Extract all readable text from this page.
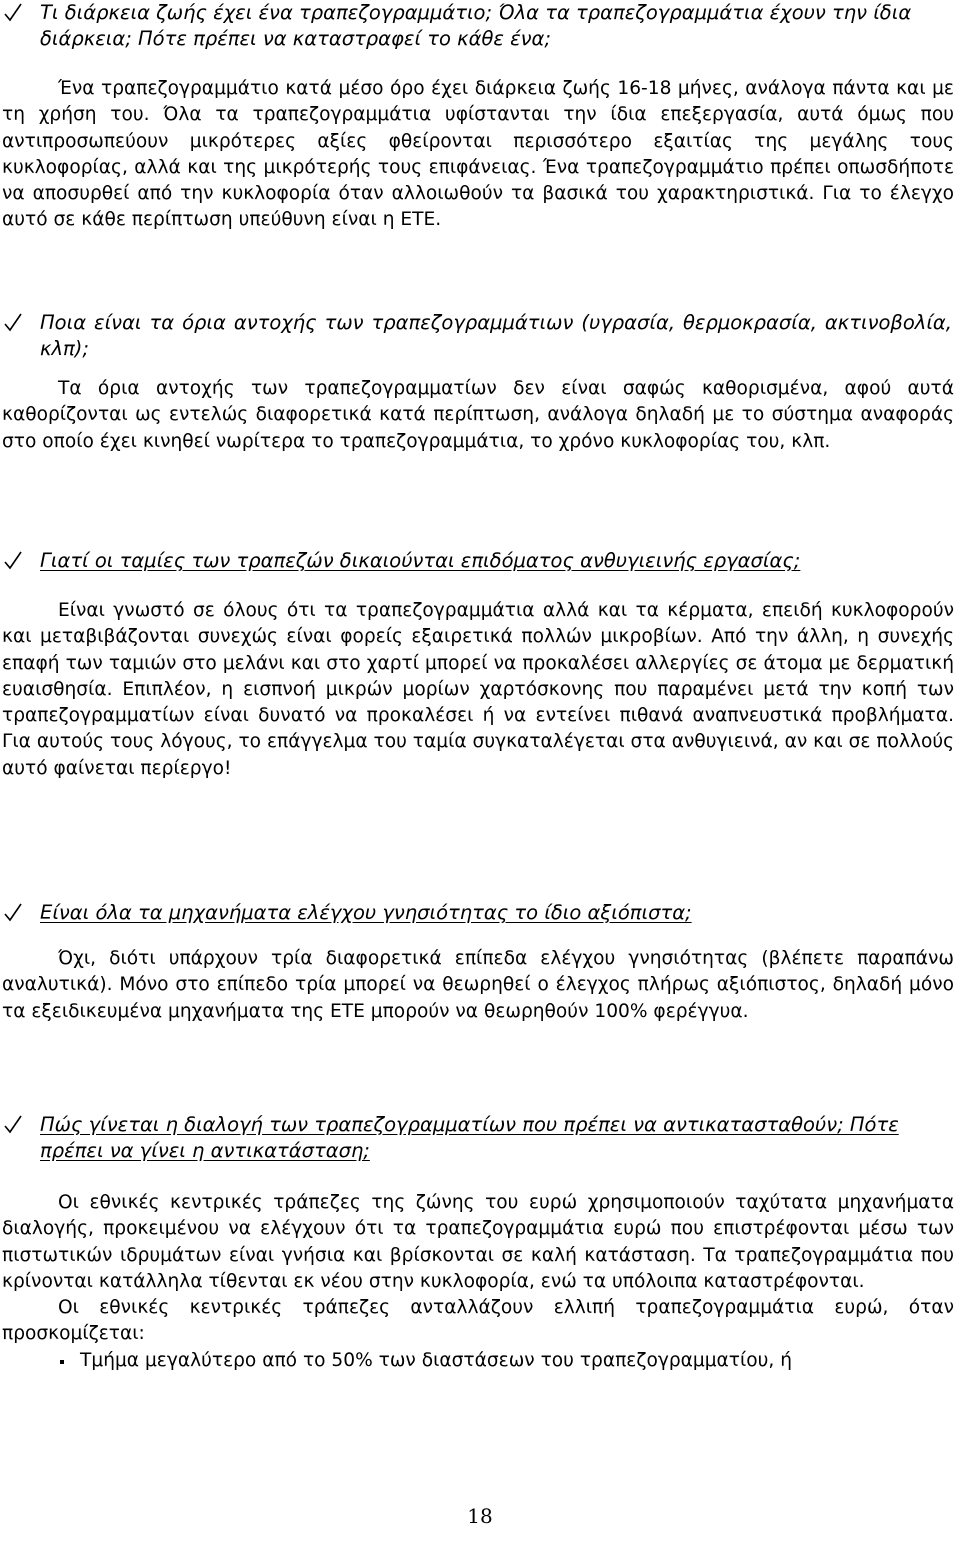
Τι διάρκεια ζωής έχει ένα τραπεζογραμμάτιο; Όλα τα τραπεζογραμμάτια έχουν την ίδια διάρκεια; Πότε πρέπει να καταστραφεί το κάθε ένα;

Ένα τραπεζογραμμάτιο κατά μέσο όρο έχει διάρκεια ζωής 16-18 μήνες, ανάλογα πάντα και με τη χρήση του. Όλα τα τραπεζογραμμάτια υφίστανται την ίδια επεξεργασία, αυτά όμως που αντιπροσωπεύουν μικρότερες αξίες φθείρονται περισσότερο εξαιτίας της μεγάλης τους κυκλοφορίας, αλλά και της μικρότερής τους επιφάνειας. Ένα τραπεζογραμμάτιο πρέπει οπωσδήποτε να αποσυρθεί από την κυκλοφορία όταν αλλοιωθούν τα βασικά του χαρακτηριστικά. Για το έλεγχο αυτό σε κάθε περίπτωση υπεύθυνη είναι η ΕΤΕ.

Ποια είναι τα όρια αντοχής των τραπεζογραμμάτιων (υγρασία, θερμοκρασία, ακτινοβολία, κλπ);

Τα όρια αντοχής των τραπεζογραμματίων δεν είναι σαφώς καθορισμένα, αφού αυτά καθορίζονται ως εντελώς διαφορετικά κατά περίπτωση, ανάλογα δηλαδή με το σύστημα αναφοράς στο οποίο έχει κινηθεί νωρίτερα το τραπεζογραμμάτια, το χρόνο κυκλοφορίας του, κλπ.

Γιατί οι ταμίες των τραπεζών δικαιούνται επιδόματος ανθυγιεινής εργασίας;

Είναι γνωστό σε όλους ότι τα τραπεζογραμμάτια αλλά και τα κέρματα, επειδή κυκλοφορούν και μεταβιβάζονται συνεχώς είναι φορείς εξαιρετικά πολλών μικροβίων. Από την άλλη, η συνεχής επαφή των ταμιών στο μελάνι και στο χαρτί μπορεί να προκαλέσει αλλεργίες σε άτομα με δερματική ευαισθησία. Επιπλέον, η εισπνοή μικρών μορίων χαρτόσκονης που παραμένει μετά την κοπή των τραπεζογραμματίων είναι δυνατό να προκαλέσει ή να εντείνει πιθανά αναπνευστικά προβλήματα. Για αυτούς τους λόγους, το επάγγελμα του ταμία συγκαταλέγεται στα ανθυγιεινά, αν και σε πολλούς αυτό φαίνεται περίεργο!

Είναι όλα τα μηχανήματα ελέγχου γνησιότητας το ίδιο αξιόπιστα;

Όχι, διότι υπάρχουν τρία διαφορετικά επίπεδα ελέγχου γνησιότητας (βλέπετε παραπάνω αναλυτικά). Μόνο στο επίπεδο τρία μπορεί να θεωρηθεί ο έλεγχος πλήρως αξιόπιστος, δηλαδή μόνο τα εξειδικευμένα μηχανήματα της ΕΤΕ μπορούν να θεωρηθούν 100% φερέγγυα.

Πώς γίνεται η διαλογή των τραπεζογραμματίων που πρέπει να αντικατασταθούν; Πότε πρέπει να γίνει η αντικατάσταση;

Οι εθνικές κεντρικές τράπεζες της ζώνης του ευρώ χρησιμοποιούν ταχύτατα μηχανήματα διαλογής, προκειμένου να ελέγχουν ότι τα τραπεζογραμμάτια ευρώ που επιστρέφονται μέσω των πιστωτικών ιδρυμάτων είναι γνήσια και βρίσκονται σε καλή κατάσταση. Τα τραπεζογραμμάτια που κρίνονται κατάλληλα τίθενται εκ νέου στην κυκλοφορία, ενώ τα υπόλοιπα καταστρέφονται.

Οι εθνικές κεντρικές τράπεζες ανταλλάζουν ελλιπή τραπεζογραμμάτια ευρώ, όταν προσκομίζεται:

Τμήμα μεγαλύτερο από το 50% των διαστάσεων του τραπεζογραμματίου, ή

18
